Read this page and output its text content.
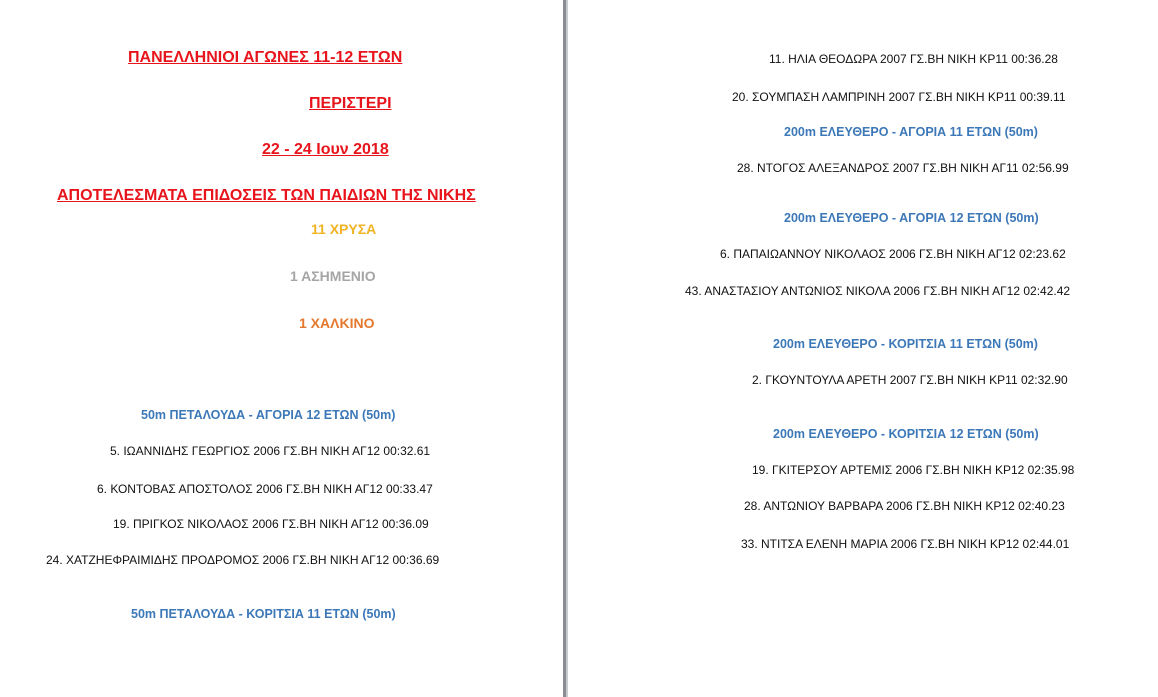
ΠΑΝΕΛΛΗΝΙΟΙ ΑΓΩΝΕΣ 11-12 ΕΤΩΝ
ΠΕΡΙΣΤΕΡΙ
22 - 24 Ιουν 2018
ΑΠΟΤΕΛΕΣΜΑΤΑ ΕΠΙΔΟΣΕΙΣ ΤΩΝ ΠΑΙΔΙΩΝ ΤΗΣ ΝΙΚΗΣ
11 ΧΡΥΣΑ
1 ΑΣΗΜΕΝΙΟ
1 ΧΑΛΚΙΝΟ
50m ΠΕΤΑΛΟΥΔΑ - ΑΓΟΡΙΑ 12 ΕΤΩΝ (50m)
5. ΙΩΑΝΝΙΔΗΣ ΓΕΩΡΓΙΟΣ 2006 ΓΣ.ΒΗ ΝΙΚΗ ΑΓ12 00:32.61
6. ΚΟΝΤΟΒΑΣ ΑΠΟΣΤΟΛΟΣ 2006 ΓΣ.ΒΗ ΝΙΚΗ ΑΓ12 00:33.47
19. ΠΡΙΓΚΟΣ ΝΙΚΟΛΑΟΣ 2006 ΓΣ.ΒΗ ΝΙΚΗ ΑΓ12 00:36.09
24. ΧΑΤΖΗΕΦΡΑΙΜΙΔΗΣ ΠΡΟΔΡΟΜΟΣ 2006 ΓΣ.ΒΗ ΝΙΚΗ ΑΓ12 00:36.69
50m ΠΕΤΑΛΟΥΔΑ - ΚΟΡΙΤΣΙΑ 11 ΕΤΩΝ (50m)
11. ΗΛΙΑ ΘΕΟΔΩΡΑ 2007 ΓΣ.ΒΗ ΝΙΚΗ ΚΡ11 00:36.28
20. ΣΟΥΜΠΑΣΗ ΛΑΜΠΡΙΝΗ 2007 ΓΣ.ΒΗ ΝΙΚΗ ΚΡ11 00:39.11
200m ΕΛΕΥΘΕΡΟ - ΑΓΟΡΙΑ 11 ΕΤΩΝ (50m)
28. ΝΤΟΓΟΣ ΑΛΕΞΑΝΔΡΟΣ 2007 ΓΣ.ΒΗ ΝΙΚΗ ΑΓ11 02:56.99
200m ΕΛΕΥΘΕΡΟ - ΑΓΟΡΙΑ 12 ΕΤΩΝ (50m)
6. ΠΑΠΑΙΩΑΝΝΟΥ ΝΙΚΟΛΑΟΣ 2006 ΓΣ.ΒΗ ΝΙΚΗ ΑΓ12 02:23.62
43. ΑΝΑΣΤΑΣΙΟΥ ΑΝΤΩΝΙΟΣ ΝΙΚΟΛΑ 2006 ΓΣ.ΒΗ ΝΙΚΗ ΑΓ12 02:42.42
200m ΕΛΕΥΘΕΡΟ - ΚΟΡΙΤΣΙΑ 11 ΕΤΩΝ (50m)
2. ΓΚΟΥΝΤΟΥΛΑ ΑΡΕΤΗ 2007 ΓΣ.ΒΗ ΝΙΚΗ ΚΡ11 02:32.90
200m ΕΛΕΥΘΕΡΟ - ΚΟΡΙΤΣΙΑ 12 ΕΤΩΝ (50m)
19. ΓΚΙΤΕΡΣΟΥ ΑΡΤΕΜΙΣ 2006 ΓΣ.ΒΗ ΝΙΚΗ ΚΡ12 02:35.98
28. ΑΝΤΩΝΙΟΥ ΒΑΡΒΑΡΑ 2006 ΓΣ.ΒΗ ΝΙΚΗ ΚΡ12 02:40.23
33. ΝΤΙΤΣΑ ΕΛΕΝΗ ΜΑΡΙΑ 2006 ΓΣ.ΒΗ ΝΙΚΗ ΚΡ12 02:44.01
